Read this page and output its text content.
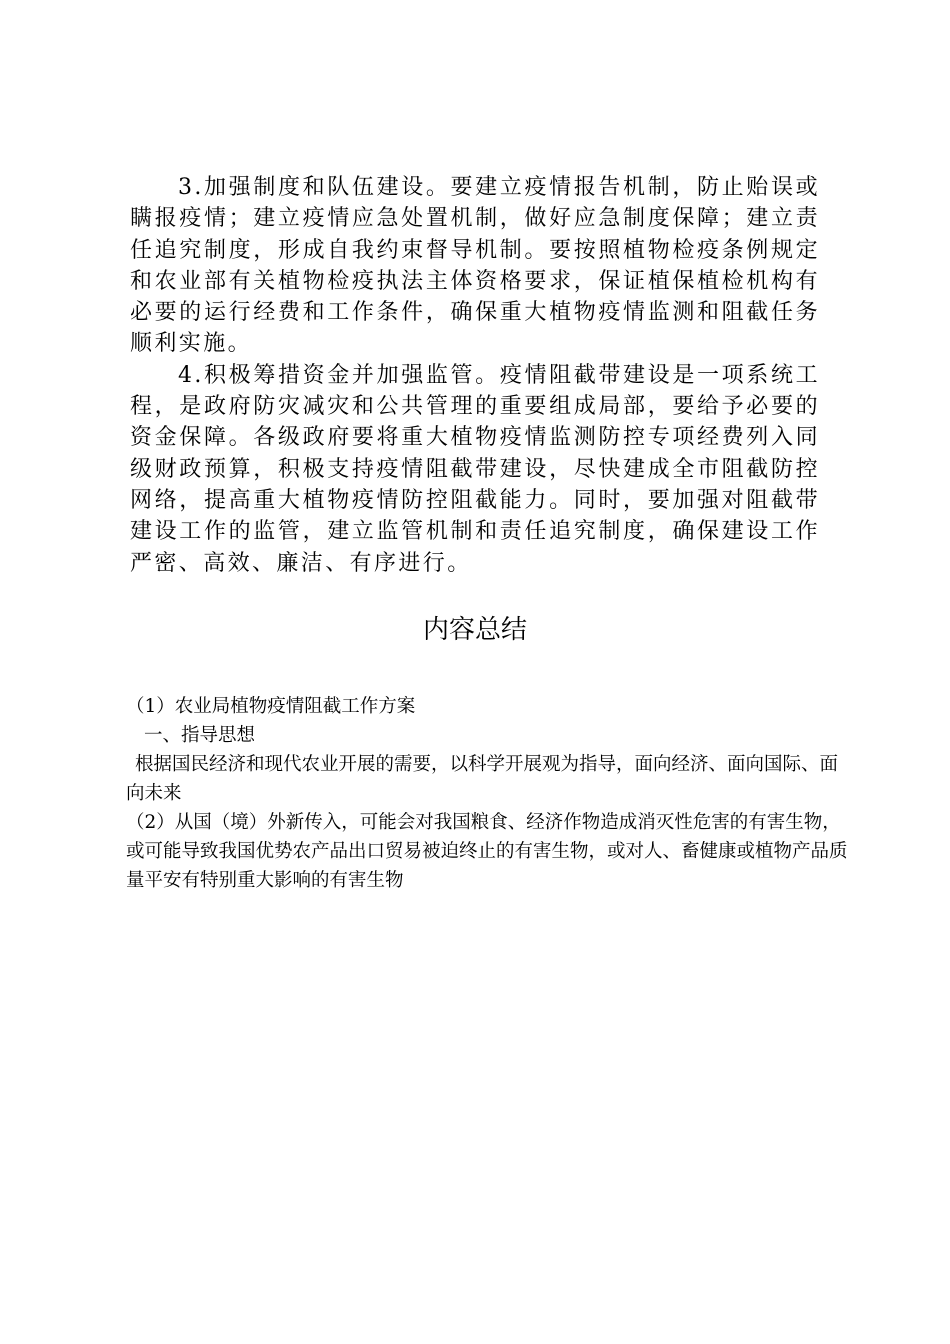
3.加强制度和队伍建设。要建立疫情报告机制，防止贻误或瞒报疫情；建立疫情应急处置机制，做好应急制度保障；建立责任追究制度，形成自我约束督导机制。要按照植物检疫条例规定和农业部有关植物检疫执法主体资格要求，保证植保植检机构有必要的运行经费和工作条件，确保重大植物疫情监测和阻截任务顺利实施。

4.积极筹措资金并加强监管。疫情阻截带建设是一项系统工程，是政府防灾减灾和公共管理的重要组成局部，要给予必要的资金保障。各级政府要将重大植物疫情监测防控专项经费列入同级财政预算，积极支持疫情阻截带建设，尽快建成全市阻截防控网络，提高重大植物疫情防控阻截能力。同时，要加强对阻截带建设工作的监管，建立监管机制和责任追究制度，确保建设工作严密、高效、廉洁、有序进行。

内容总结

（1）农业局植物疫情阻截工作方案

一、指导思想

根据国民经济和现代农业开展的需要，以科学开展观为指导，面向经济、面向国际、面向未来

（2）从国（境）外新传入，可能会对我国粮食、经济作物造成消灭性危害的有害生物，或可能导致我国优势农产品出口贸易被迫终止的有害生物，或对人、畜健康或植物产品质量平安有特别重大影响的有害生物
